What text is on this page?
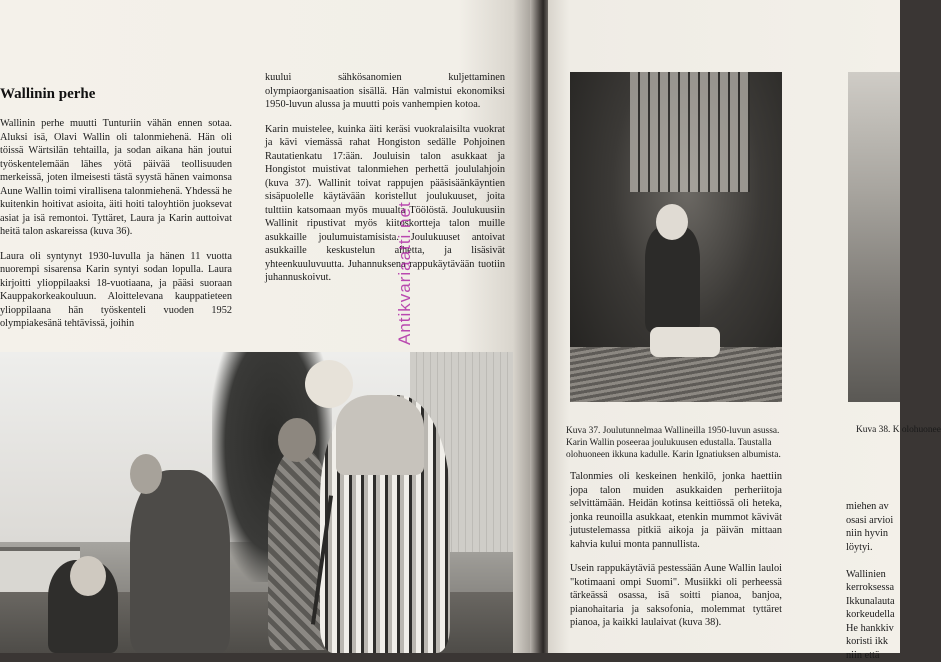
Wallinin perhe

Wallinin perhe muutti Tunturiin vähän ennen sotaa. Aluksi isä, Olavi Wallin oli talonmiehenä. Hän oli töissä Wärtsilän tehtailla, ja sodan aikana hän joutui työskentelemään lähes yötä päivää teollisuuden merkeissä, joten ilmeisesti tästä syystä hänen vaimonsa Aune Wallin toimi virallisena talonmiehenä. Yhdessä he kuitenkin hoitivat asioita, äiti hoiti taloyhtiön juoksevat asiat ja isä remontoi. Tyttäret, Laura ja Karin auttoivat heitä talon askareissa (kuva 36).

Laura oli syntynyt 1930-luvulla ja hänen 11 vuotta nuorempi sisarensa Karin syntyi sodan lopulla. Laura kirjoitti ylioppilaaksi 18-vuotiaana, ja pääsi suoraan Kauppakorkeakouluun. Aloittelevana kauppatieteen ylioppilaana hän työskenteli vuoden 1952 olympiakesänä tehtävissä, joihin

kuului sähkösanomien kuljettaminen olympiaorganisaation sisällä. Hän valmistui ekonomiksi 1950-luvun alussa ja muutti pois vanhempien kotoa.

Karin muistelee, kuinka äiti keräsi vuokralaisilta vuokrat ja kävi viemässä rahat Hongiston sedälle Pohjoinen Rautatienkatu 17:ään. Jouluisin talon asukkaat ja Hongistot muistivat talonmiehen perhettä joululahjoin (kuva 37). Wallinit toivat rappujen pääsisäänkäyntien sisäpuolelle käytävään koristellut joulukuuset, joita tulttiin katsomaan myös muualta Töölöstä. Joulukuusiin Wallinit ripustivat myös kiitoskortteja talon muille asukkaille joulumuistamisista. Joulukuuset antoivat asukkaille keskustelun aihetta, ja lisäsivät yhteenkuuluvuutta. Juhannuksena rappukäytävään tuotiin juhannuskoivut.

Kuva 37. Joulutunnelmaa Wallineilla 1950-luvun asussa. Karin Wallin poseeraa joulukuusen edustalla. Taustalla olohuoneen ikkuna kadulle. Karin Ignatiuksen albumista.
Kuva 38. K olohuonee

Talonmies oli keskeinen henkilö, jonka haettiin jopa talon muiden asukkaiden perheriitoja selvittämään. Heidän kotinsa keittiössä oli heteka, jonka reunoilla asukkaat, etenkin mummot kävivät jutustelemassa pitkiä aikoja ja päivän mittaan kahvia kului monta pannullista.

Usein rappukäytäviä pestessään Aune Wallin lauloi "kotimaani ompi Suomi". Musiikki oli perheessä tärkeässä osassa, isä soitti pianoa, banjoa, pianohaitaria ja saksofonia, molemmat tyttäret pianoa, ja kaikki laulaivat (kuva 38).

miehen av
osasi arvioi
niin hyvin
löytyi.

Wallinien
kerroksessa
Ikkunalauta
korkeudella
He hankkiv
koristi ikk
niin että
Antikvariaatti.net
